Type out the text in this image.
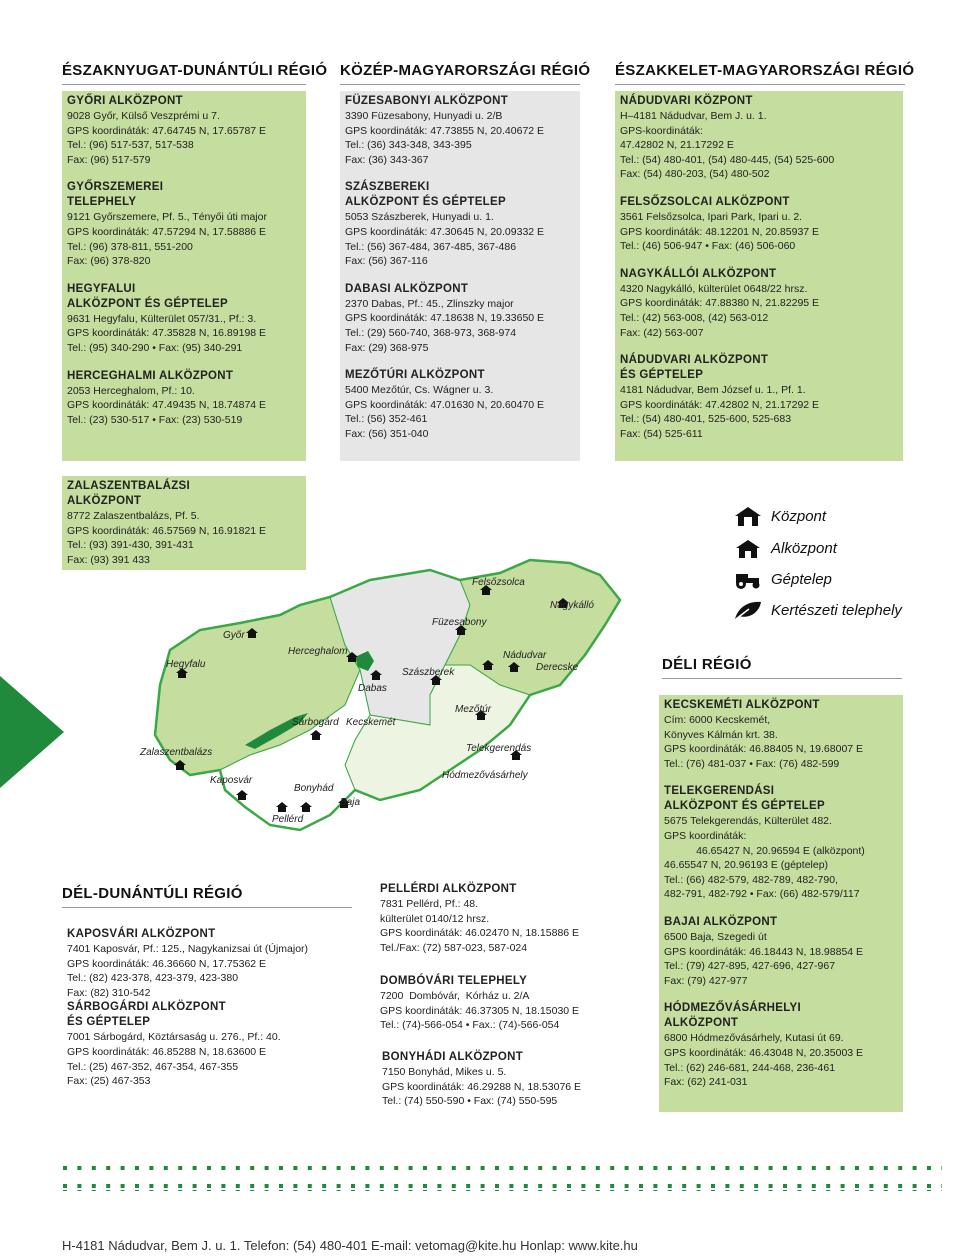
ÉSZAKNYUGAT-DUNÁNTÚLI RÉGIÓ KÖZÉP-MAGYARORSZÁGI RÉGIÓ ÉSZAKKELET-MAGYARORSZÁGI RÉGIÓ
GYŐRI ALKÖZPONT
9028 Győr, Külső Veszprémi u 7.
GPS koordináták: 47.64745 N, 17.65787 E
Tel.: (96) 517-537, 517-538
Fax: (96) 517-579
GYŐRSZEMEREI
TELEPHELY
9121 Győrszemere, Pf. 5., Tényői úti major
GPS koordináták: 47.57294 N, 17.58886 E
Tel.: (96) 378-811, 551-200
Fax: (96) 378-820
HEGYFALUI
ALKÖZPONT ÉS GÉPTELEP
9631 Hegyfalu, Külterület 057/31., Pf.: 3.
GPS koordináták: 47.35828 N, 16.89198 E
Tel.: (95) 340-290 • Fax: (95) 340-291
HERCEGHALMI ALKÖZPONT
2053 Herceghalom, Pf.: 10.
GPS koordináták: 47.49435 N, 18.74874 E
Tel.: (23) 530-517 • Fax: (23) 530-519
ZALASZENTBALÁZSI
ALKÖZPONT
8772 Zalaszentbalázs, Pf. 5.
GPS koordináták: 46.57569 N, 16.91821 E
Tel.: (93) 391-430, 391-431
Fax: (93) 391 433
FÜZESABONYI ALKÖZPONT
3390 Füzesabony, Hunyadi u. 2/B
GPS koordináták: 47.73855 N, 20.40672 E
Tel.: (36) 343-348, 343-395
Fax: (36) 343-367
SZÁSZBEREKI
ALKÖZPONT ÉS GÉPTELEP
5053 Szászberek, Hunyadi u. 1.
GPS koordináták: 47.30645 N, 20.09332 E
Tel.: (56) 367-484, 367-485, 367-486
Fax: (56) 367-116
DABASI ALKÖZPONT
2370 Dabas, Pf.: 45., Zlinszky major
GPS koordináták: 47.18638 N, 19.33650 E
Tel.: (29) 560-740, 368-973, 368-974
Fax: (29) 368-975
MEZŐTÚRI ALKÖZPONT
5400 Mezőtúr, Cs. Wágner u. 3.
GPS koordináták: 47.01630 N, 20.60470 E
Tel.: (56) 352-461
Fax: (56) 351-040
NÁDUDVARI KÖZPONT
H–4181 Nádudvar, Bem J. u. 1.
GPS-koordináták:
47.42802 N, 21.17292 E
Tel.: (54) 480-401, (54) 480-445, (54) 525-600
Fax: (54) 480-203, (54) 480-502
FELSŐZSOLCAI ALKÖZPONT
3561 Felsőzsolca, Ipari Park, Ipari u. 2.
GPS koordináták: 48.12201 N, 20.85937 E
Tel.: (46) 506-947 • Fax: (46) 506-060
NAGYKÁLLÓI ALKÖZPONT
4320 Nagykálló, külterület 0648/22 hrsz.
GPS koordináták: 47.88380 N, 21.82295 E
Tel.: (42) 563-008, (42) 563-012
Fax: (42) 563-007
NÁDUDVARI ALKÖZPONT
ÉS GÉPTELEP
4181 Nádudvar, Bem József u. 1., Pf. 1.
GPS koordináták: 47.42802 N, 21.17292 E
Tel.: (54) 480-401, 525-600, 525-683
Fax: (54) 525-611
KECSKEMÉTI ALKÖZPONT
Cím: 6000 Kecskemét,
Könyves Kálmán krt. 38.
GPS koordináták: 46.88405 N, 19.68007 E
Tel.: (76) 481-037 • Fax: (76) 482-599
TELEKGERENDÁSI
ALKÖZPONT ÉS GÉPTELEP
5675 Telekgerendás, Külterület 482.
GPS koordináták:
46.65427 N, 20.96594 E (alközpont)
46.65547 N, 20.96193 E (géptelep)
Tel.: (66) 482-579, 482-789, 482-790,
482-791, 482-792 • Fax: (66) 482-579/117
BAJAI ALKÖZPONT
6500 Baja, Szegedi út
GPS koordináták: 46.18443 N, 18.98854 E
Tel.: (79) 427-895, 427-696, 427-967
Fax: (79) 427-977
HÓDMEZŐVÁSÁRHELYI
ALKÖZPONT
6800 Hódmezővásárhely, Kutasi út 69.
GPS koordináták: 46.43048 N, 20.35003 E
Tel.: (62) 246-681, 244-468, 236-461
Fax: (62) 241-031
KAPOSVÁRI ALKÖZPONT
7401 Kaposvár, Pf.: 125., Nagykanizsai út (Újmajor)
GPS koordináták: 46.36660 N, 17.75362 E
Tel.: (82) 423-378, 423-379, 423-380
Fax: (82) 310-542
SÁRBOGÁRDI ALKÖZPONT
ÉS GÉPTELEP
7001 Sárbogárd, Köztársaság u. 276., Pf.: 40.
GPS koordináták: 46.85288 N, 18.63600 E
Tel.: (25) 467-352, 467-354, 467-355
Fax: (25) 467-353
PELLÉRDI ALKÖZPONT
7831 Pellérd, Pf.: 48.
külterület 0140/12 hrsz.
GPS koordináták: 46.02470 N, 18.15886 E
Tel./Fax: (72) 587-023, 587-024
DOMBÓVÁRI TELEPHELY
7200  Dombóvár,  Kórház u. 2/A
GPS koordináták: 46.37305 N, 18.15030 E
Tel.: (74)-566-054 • Fax.: (74)-566-054
BONYHÁDI ALKÖZPONT
7150 Bonyhád, Mikes u. 5.
GPS koordináták: 46.29288 N, 18.53076 E
Tel.: (74) 550-590 • Fax: (74) 550-595
DÉL-DUNÁNTÚLI RÉGIÓ
DÉLI RÉGIÓ
Központ
Alközpont
Géptelep
Kertészeti telephely
Felsőzsolca
Nagykálló
Füzesabony
Győr
Herceghalom
Hegyfalu
Szászberek
Nádudvar
Derecske
Dabas
Mezőtúr
Sárbogárd Kecskemét
Telekgerendás
Zalaszentbalázs
Hódmezővásárhely
Kaposvár
Bonyhád
Baja
Pellérd
H-4181 Nádudvar, Bem J. u. 1. Telefon: (54) 480-401 E-mail: vetomag@kite.hu Honlap: www.kite.hu
